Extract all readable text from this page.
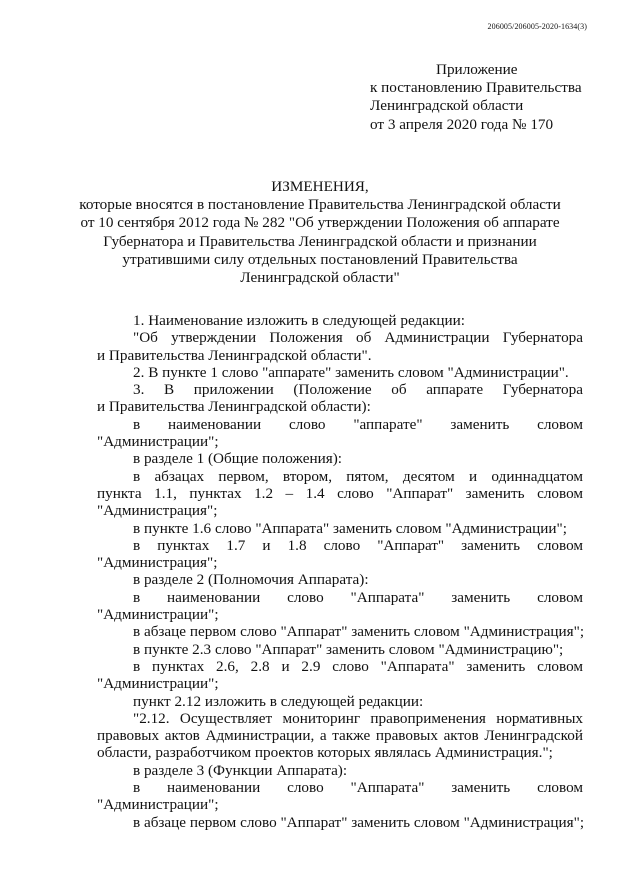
206005/206005-2020-1634(3)
Приложение
к постановлению Правительства
Ленинградской области
от 3 апреля 2020 года № 170
ИЗМЕНЕНИЯ,
которые вносятся в постановление Правительства Ленинградской области
от 10 сентября 2012 года № 282 "Об утверждении Положения об аппарате
Губернатора и Правительства Ленинградской области и признании
утратившими силу отдельных постановлений Правительства
Ленинградской области"
1. Наименование изложить в следующей редакции:
"Об утверждении Положения об Администрации Губернатора
и Правительства Ленинградской области".
2. В пункте 1 слово "аппарате" заменить словом "Администрации".
3. В приложении (Положение об аппарате Губернатора
и Правительства Ленинградской области):
в наименовании слово "аппарате" заменить словом
"Администрации";
в разделе 1 (Общие положения):
в абзацах первом, втором, пятом, десятом и одиннадцатом
пункта 1.1, пунктах 1.2 – 1.4 слово "Аппарат" заменить словом
"Администрация";
в пункте 1.6 слово "Аппарата" заменить словом "Администрации";
в пунктах 1.7 и 1.8 слово "Аппарат" заменить словом
"Администрация";
в разделе 2 (Полномочия Аппарата):
в наименовании слово "Аппарата" заменить словом
"Администрации";
в абзаце первом слово "Аппарат" заменить словом "Администрация";
в пункте 2.3 слово "Аппарат" заменить словом "Администрацию";
в пунктах 2.6, 2.8 и 2.9 слово "Аппарата" заменить словом
"Администрации";
пункт 2.12 изложить в следующей редакции:
"2.12. Осуществляет мониторинг правоприменения нормативных
правовых актов Администрации, а также правовых актов Ленинградской
области, разработчиком проектов которых являлась Администрация.";
в разделе 3 (Функции Аппарата):
в наименовании слово "Аппарата" заменить словом
"Администрации";
в абзаце первом слово "Аппарат" заменить словом "Администрация";
